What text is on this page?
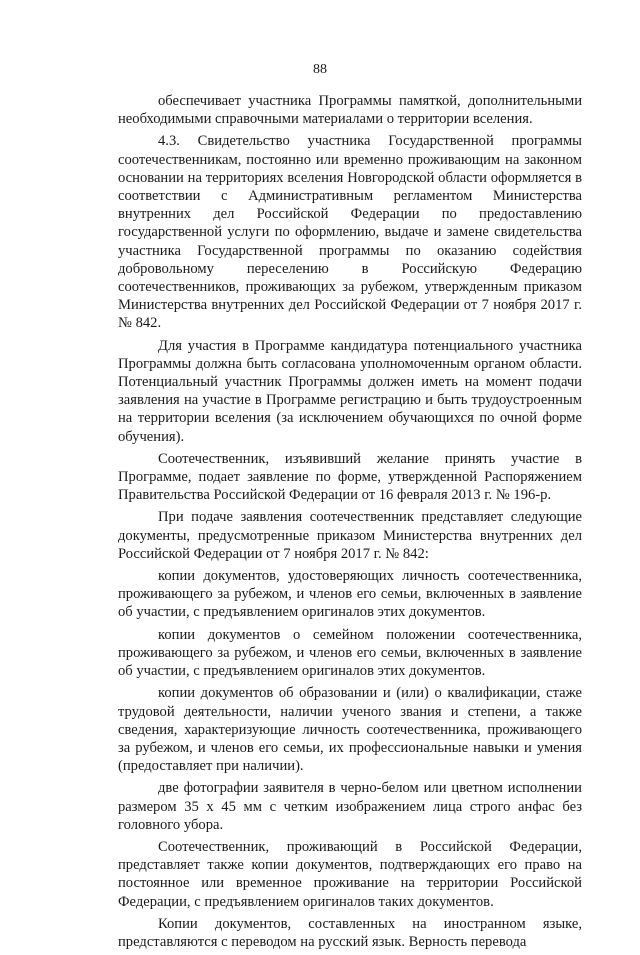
88

обеспечивает участника Программы памяткой, дополнительными необходимыми справочными материалами о территории вселения.

4.3. Свидетельство участника Государственной программы соотечественникам, постоянно или временно проживающим на законном основании на территориях вселения Новгородской области оформляется в соответствии с Административным регламентом Министерства внутренних дел Российской Федерации по предоставлению государственной услуги по оформлению, выдаче и замене свидетельства участника Государственной программы по оказанию содействия добровольному переселению в Российскую Федерацию соотечественников, проживающих за рубежом, утвержденным приказом Министерства внутренних дел Российской Федерации от 7 ноября 2017 г. № 842.

Для участия в Программе кандидатура потенциального участника Программы должна быть согласована уполномоченным органом области. Потенциальный участник Программы должен иметь на момент подачи заявления на участие в Программе регистрацию и быть трудоустроенным на территории вселения (за исключением обучающихся по очной форме обучения).

Соотечественник, изъявивший желание принять участие в Программе, подает заявление по форме, утвержденной Распоряжением Правительства Российской Федерации от 16 февраля 2013 г. № 196-р.

При подаче заявления соотечественник представляет следующие документы, предусмотренные приказом Министерства внутренних дел Российской Федерации от 7 ноября 2017 г. № 842:

копии документов, удостоверяющих личность соотечественника, проживающего за рубежом, и членов его семьи, включенных в заявление об участии, с предъявлением оригиналов этих документов.

копии документов о семейном положении соотечественника, проживающего за рубежом, и членов его семьи, включенных в заявление об участии, с предъявлением оригиналов этих документов.

копии документов об образовании и (или) о квалификации, стаже трудовой деятельности, наличии ученого звания и степени, а также сведения, характеризующие личность соотечественника, проживающего за рубежом, и членов его семьи, их профессиональные навыки и умения (предоставляет при наличии).

две фотографии заявителя в черно-белом или цветном исполнении размером 35 х 45 мм с четким изображением лица строго анфас без головного убора.

Соотечественник, проживающий в Российской Федерации, представляет также копии документов, подтверждающих его право на постоянное или временное проживание на территории Российской Федерации, с предъявлением оригиналов таких документов.

Копии документов, составленных на иностранном языке, представляются с переводом на русский язык. Верность перевода
